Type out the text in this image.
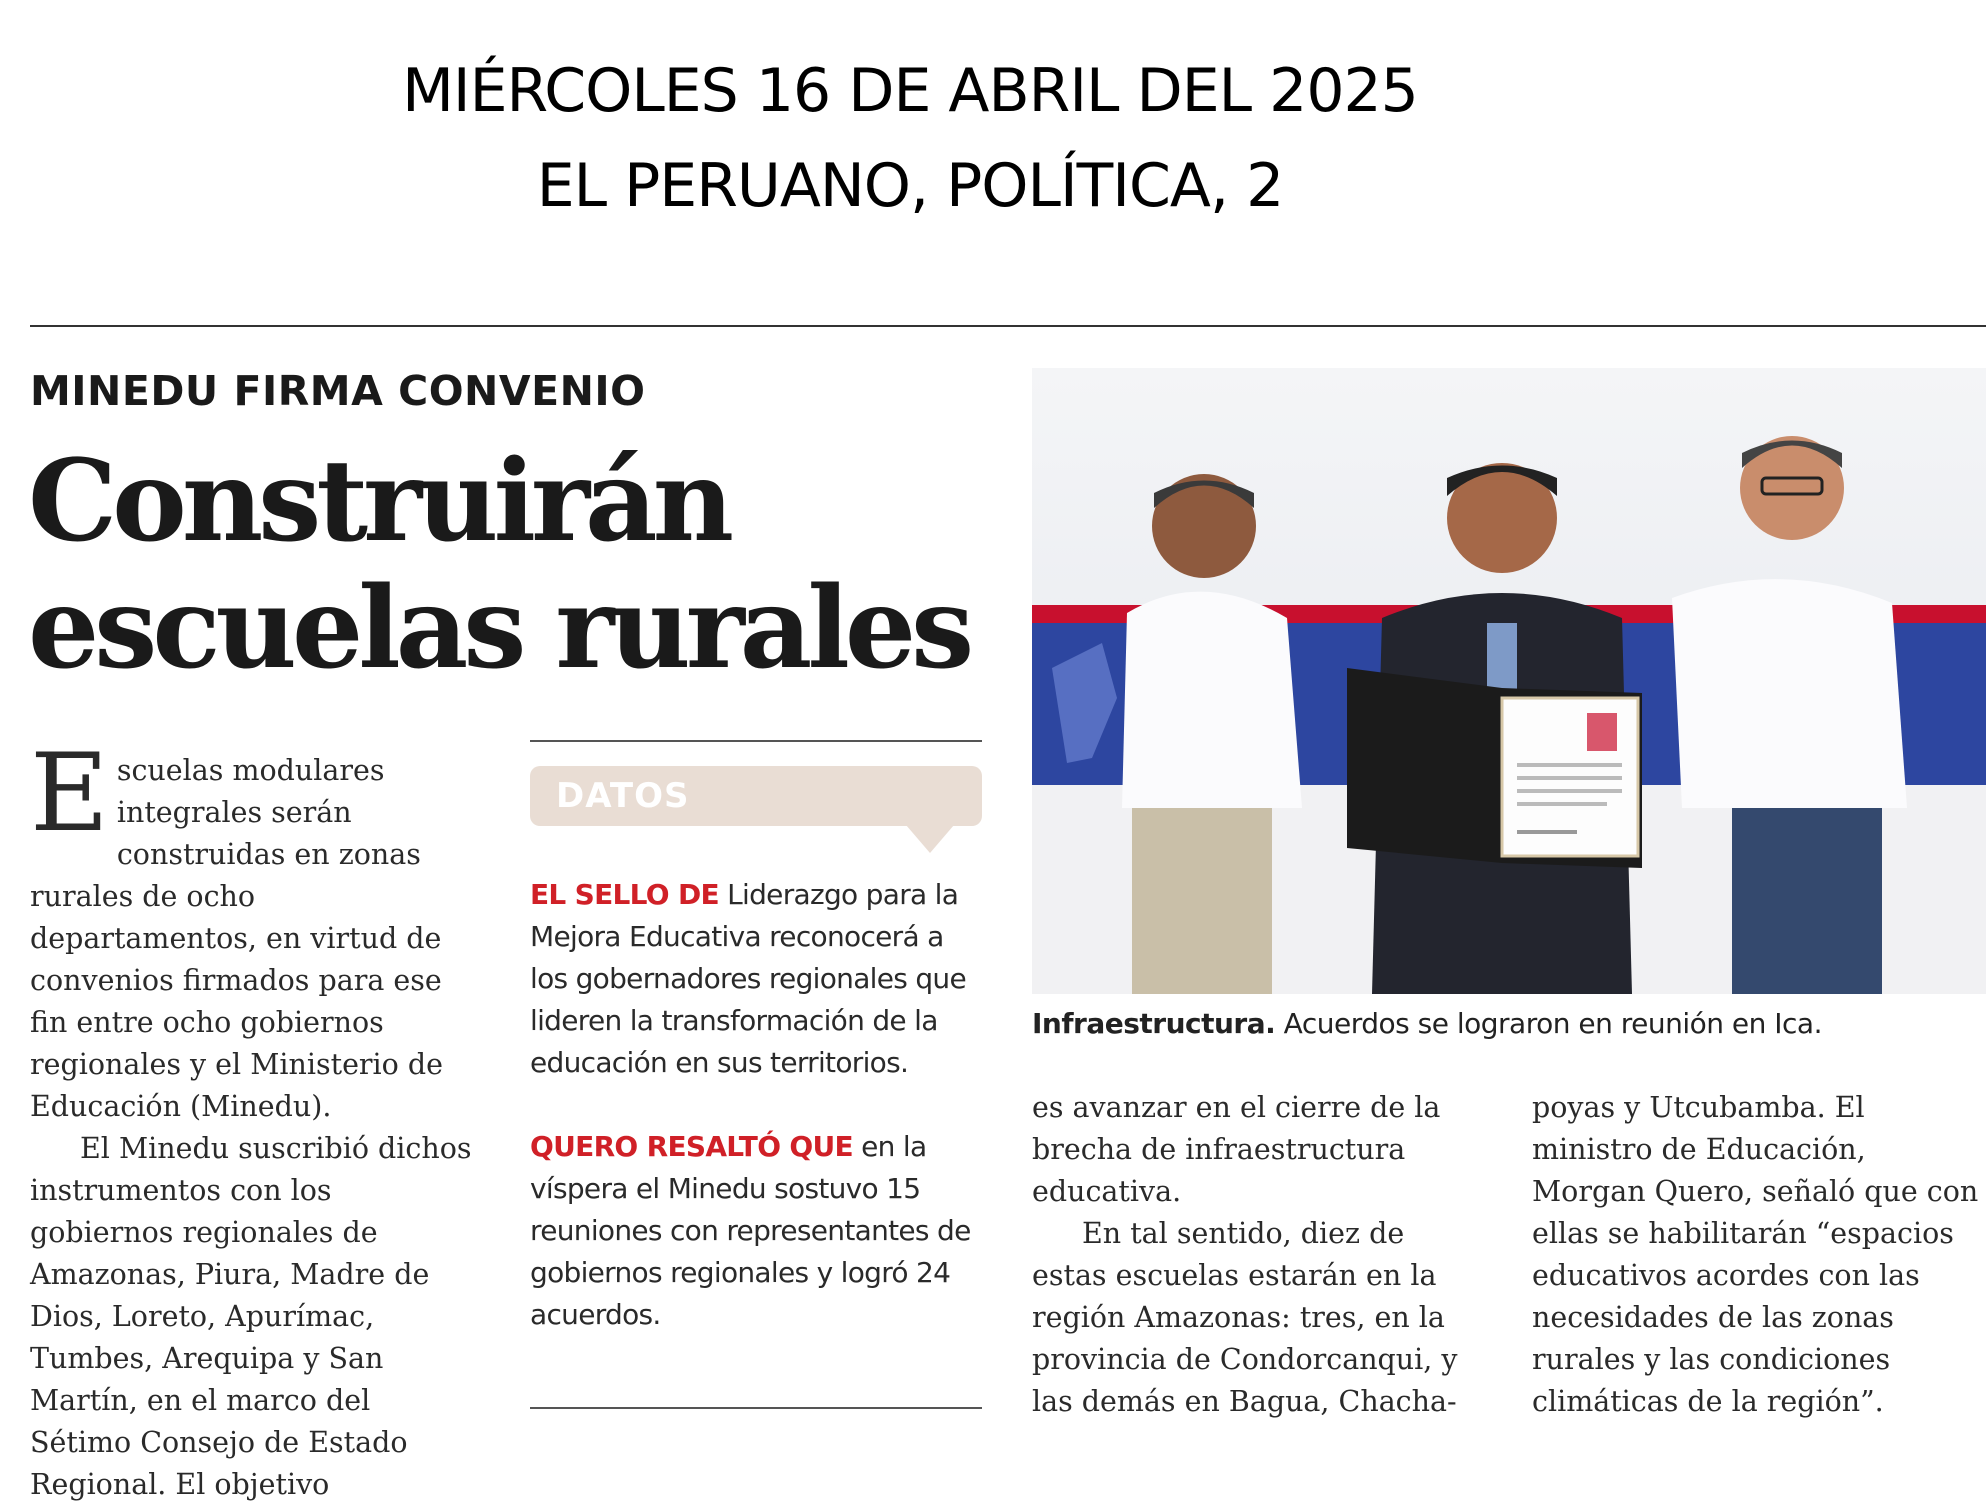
MIÉRCOLES 16 DE ABRIL DEL 2025
EL PERUANO, POLÍTICA, 2
MINEDU FIRMA CONVENIO
Construirán escuelas rurales

Escuelas modulares integrales serán construidas en zonas rurales de ocho departamentos, en virtud de convenios firmados para ese fin entre ocho gobiernos regionales y el Ministerio de Educación (Minedu).

El Minedu suscribió dichos instrumentos con los gobiernos regionales de Amazonas, Piura, Madre de Dios, Loreto, Apurímac, Tumbes, Arequipa y San Martín, en el marco del Sétimo Consejo de Estado Regional. El objetivo

DATOS

EL SELLO DE Liderazgo para la Mejora Educativa reconocerá a los gobernadores regionales que lideren la transformación de la educación en sus territorios.

QUERO RESALTÓ QUE en la víspera el Minedu sostuvo 15 reuniones con representantes de gobiernos regionales y logró 24 acuerdos.

Infraestructura. Acuerdos se lograron en reunión en Ica.

es avanzar en el cierre de la brecha de infraestructura educativa.

En tal sentido, diez de estas escuelas estarán en la región Amazonas: tres, en la provincia de Condorcanqui, y las demás en Bagua, Chacha-

poyas y Utcubamba. El ministro de Educación, Morgan Quero, señaló que con ellas se habilitarán “espacios educativos acordes con las necesidades de las zonas rurales y las condiciones climáticas de la región”.
